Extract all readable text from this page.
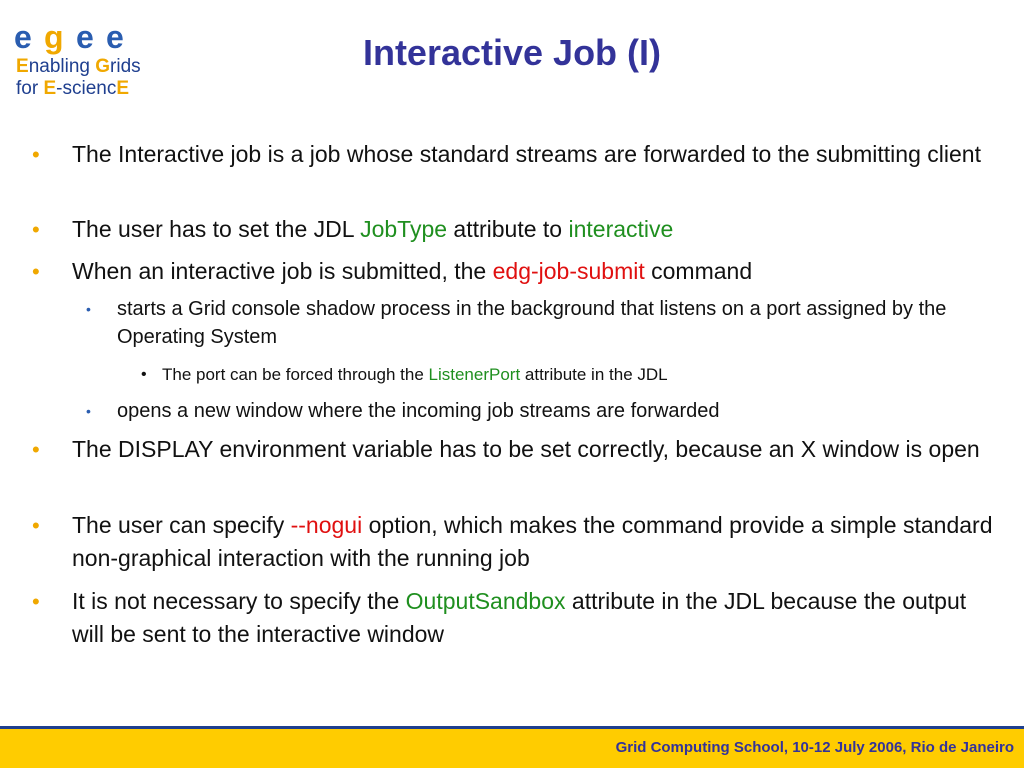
e g e e
Enabling Grids
for E-sciencE
Interactive Job (I)
• The Interactive job is a job whose standard streams are forwarded to the submitting client
• The user has to set the JDL JobType attribute to interactive
• When an interactive job is submitted, the edg-job-submit command
• starts a Grid console shadow process in the background that listens on a port assigned by the Operating System
• The port can be forced through the ListenerPort attribute in the JDL
• opens a new window where the incoming job streams are forwarded
• The DISPLAY environment variable has to be set correctly, because an X window is open
• The user can specify --nogui option, which makes the command provide a simple standard non-graphical interaction with the running job
• It is not necessary to specify the OutputSandbox attribute in the JDL because the output will be sent to the interactive window
Grid Computing School, 10-12 July 2006, Rio de Janeiro
